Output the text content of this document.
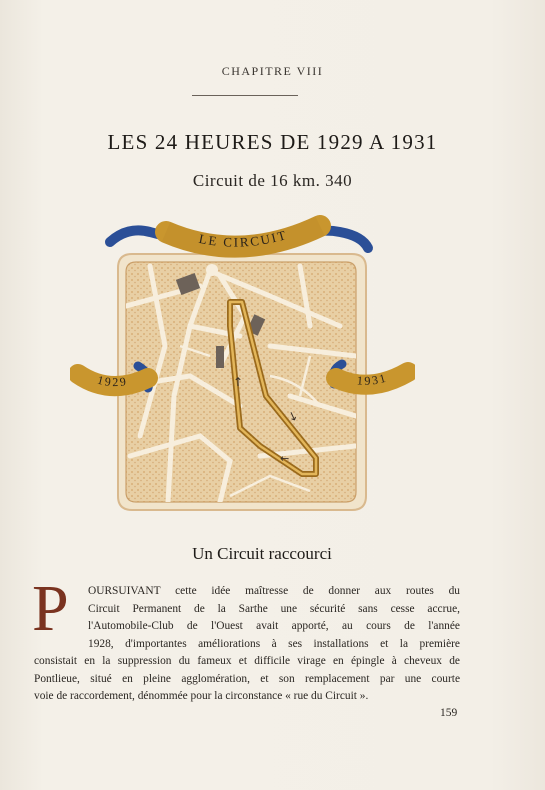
CHAPITRE VIII
LES 24 HEURES DE 1929 A 1931
Circuit de 16 km. 340
↑
↓
←
LE CIRCUIT
1929	1931
Un Circuit raccourci
P	OURSUIVANT cette idée maîtresse de donner aux routes du
Circuit Permanent de la Sarthe une sécurité sans cesse accrue,
l'Automobile-Club de l'Ouest avait apporté, au cours de l'année
1928, d'importantes améliorations à ses installations et la première
consistait en la suppression du fameux et difficile virage en épingle à cheveux de
Pontlieue, situé en pleine agglomération, et son remplacement par une courte
voie de raccordement, dénommée pour la circonstance « rue du Circuit ».
159
